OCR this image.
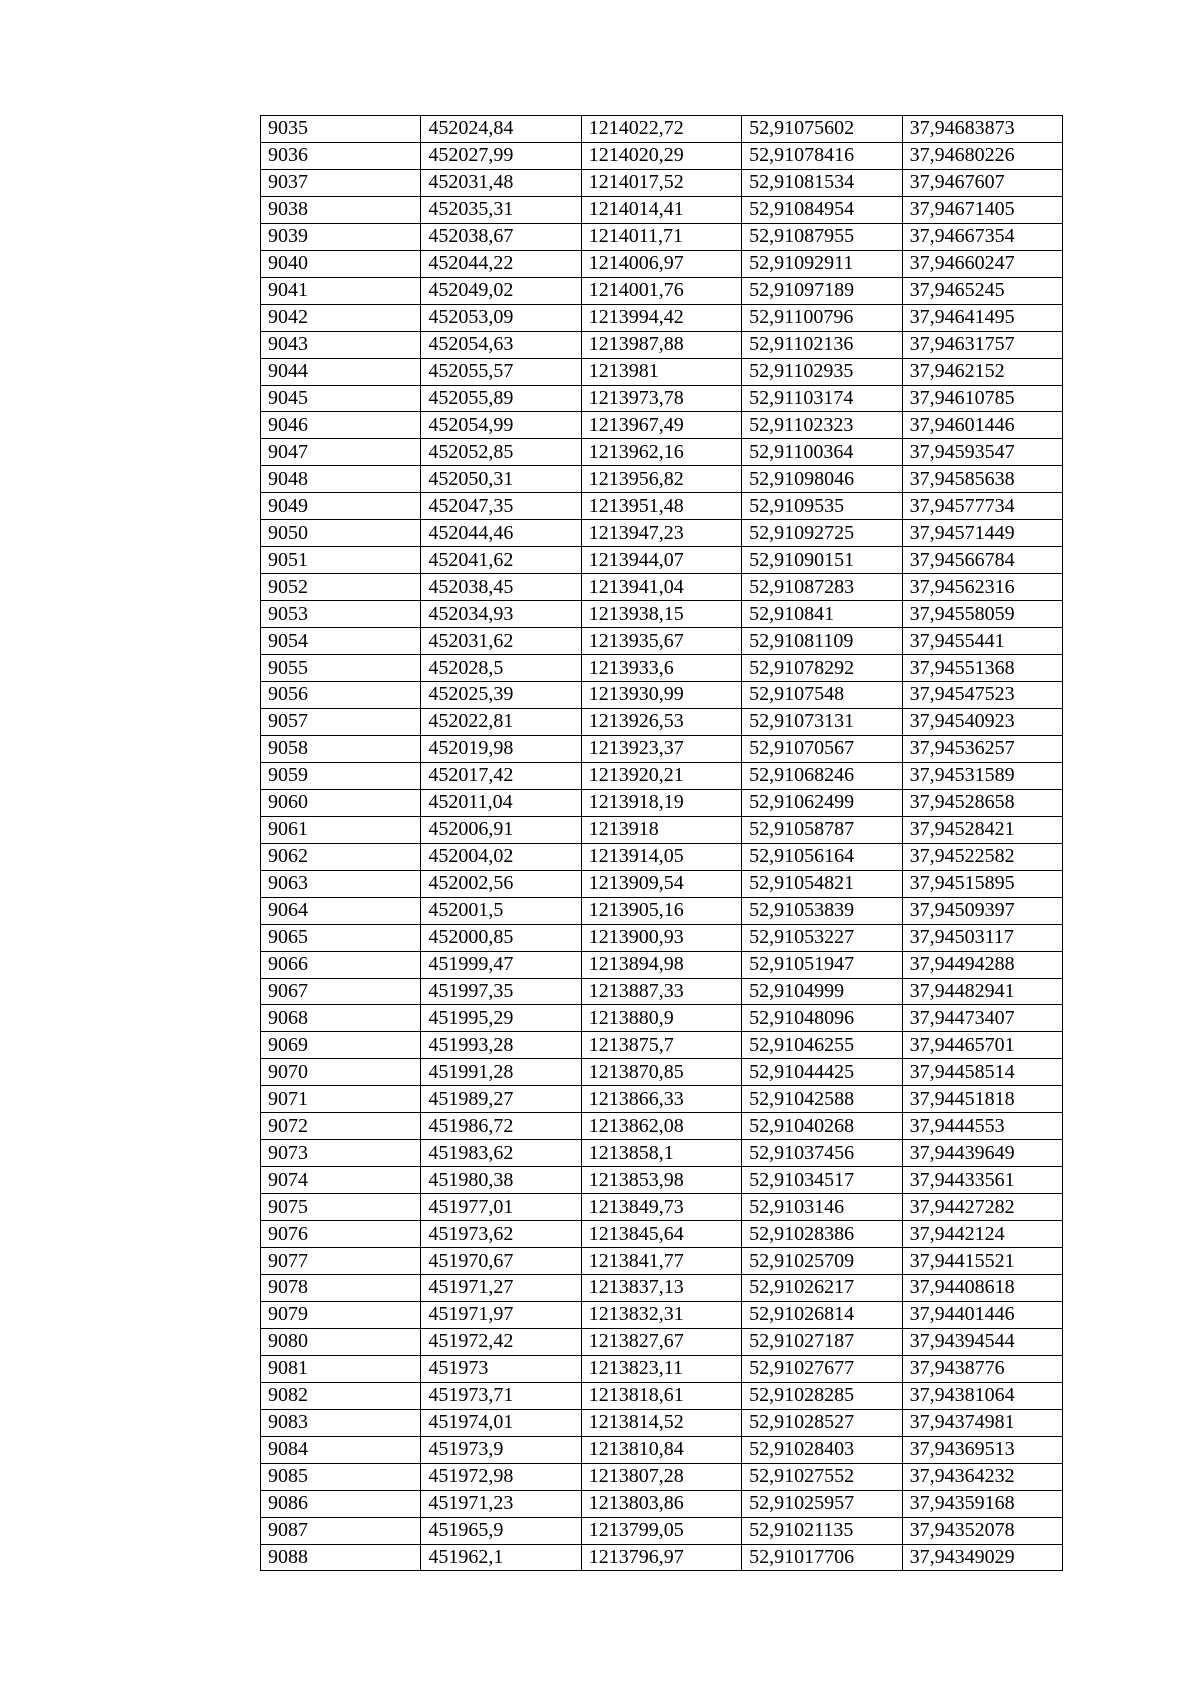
9035	452024,84	1214022,72	52,91075602	37,94683873
9036	452027,99	1214020,29	52,91078416	37,94680226
9037	452031,48	1214017,52	52,91081534	37,9467607
9038	452035,31	1214014,41	52,91084954	37,94671405
9039	452038,67	1214011,71	52,91087955	37,94667354
9040	452044,22	1214006,97	52,91092911	37,94660247
9041	452049,02	1214001,76	52,91097189	37,9465245
9042	452053,09	1213994,42	52,91100796	37,94641495
9043	452054,63	1213987,88	52,91102136	37,94631757
9044	452055,57	1213981	52,91102935	37,9462152
9045	452055,89	1213973,78	52,91103174	37,94610785
9046	452054,99	1213967,49	52,91102323	37,94601446
9047	452052,85	1213962,16	52,91100364	37,94593547
9048	452050,31	1213956,82	52,91098046	37,94585638
9049	452047,35	1213951,48	52,9109535	37,94577734
9050	452044,46	1213947,23	52,91092725	37,94571449
9051	452041,62	1213944,07	52,91090151	37,94566784
9052	452038,45	1213941,04	52,91087283	37,94562316
9053	452034,93	1213938,15	52,910841	37,94558059
9054	452031,62	1213935,67	52,91081109	37,9455441
9055	452028,5	1213933,6	52,91078292	37,94551368
9056	452025,39	1213930,99	52,9107548	37,94547523
9057	452022,81	1213926,53	52,91073131	37,94540923
9058	452019,98	1213923,37	52,91070567	37,94536257
9059	452017,42	1213920,21	52,91068246	37,94531589
9060	452011,04	1213918,19	52,91062499	37,94528658
9061	452006,91	1213918	52,91058787	37,94528421
9062	452004,02	1213914,05	52,91056164	37,94522582
9063	452002,56	1213909,54	52,91054821	37,94515895
9064	452001,5	1213905,16	52,91053839	37,94509397
9065	452000,85	1213900,93	52,91053227	37,94503117
9066	451999,47	1213894,98	52,91051947	37,94494288
9067	451997,35	1213887,33	52,9104999	37,94482941
9068	451995,29	1213880,9	52,91048096	37,94473407
9069	451993,28	1213875,7	52,91046255	37,94465701
9070	451991,28	1213870,85	52,91044425	37,94458514
9071	451989,27	1213866,33	52,91042588	37,94451818
9072	451986,72	1213862,08	52,91040268	37,9444553
9073	451983,62	1213858,1	52,91037456	37,94439649
9074	451980,38	1213853,98	52,91034517	37,94433561
9075	451977,01	1213849,73	52,9103146	37,94427282
9076	451973,62	1213845,64	52,91028386	37,9442124
9077	451970,67	1213841,77	52,91025709	37,94415521
9078	451971,27	1213837,13	52,91026217	37,94408618
9079	451971,97	1213832,31	52,91026814	37,94401446
9080	451972,42	1213827,67	52,91027187	37,94394544
9081	451973	1213823,11	52,91027677	37,9438776
9082	451973,71	1213818,61	52,91028285	37,94381064
9083	451974,01	1213814,52	52,91028527	37,94374981
9084	451973,9	1213810,84	52,91028403	37,94369513
9085	451972,98	1213807,28	52,91027552	37,94364232
9086	451971,23	1213803,86	52,91025957	37,94359168
9087	451965,9	1213799,05	52,91021135	37,94352078
9088	451962,1	1213796,97	52,91017706	37,94349029
